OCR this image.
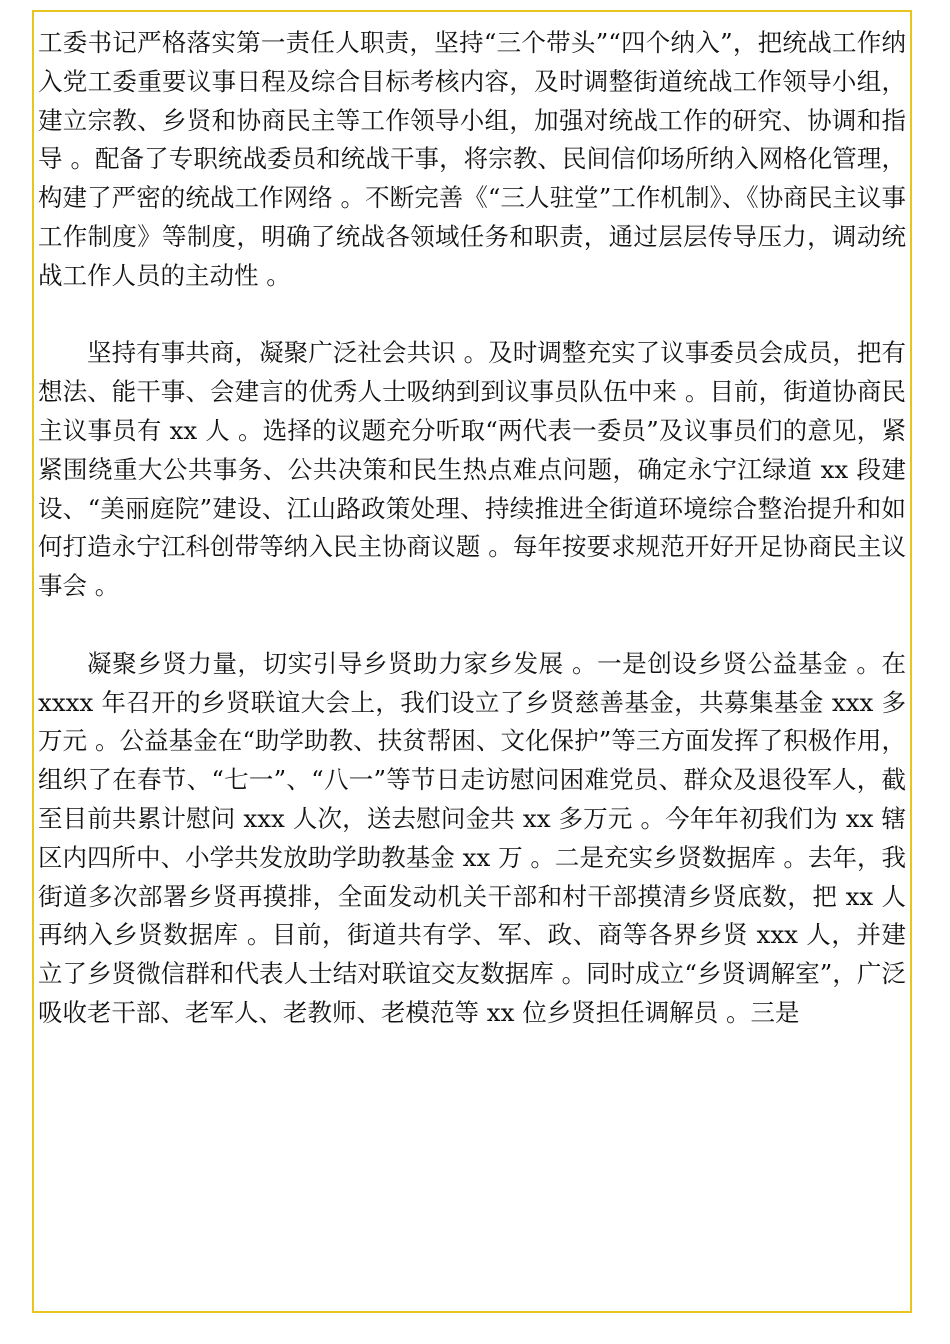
工委书记严格落实第一责任人职责，坚持“三个带头”“四个纳入”，把统战工作纳入党工委重要议事日程及综合目标考核内容，及时调整街道统战工作领导小组，建立宗教、乡贤和协商民主等工作领导小组，加强对统战工作的研究、协调和指导 。配备了专职统战委员和统战干事，将宗教、民间信仰场所纳入网格化管理，构建了严密的统战工作网络 。不断完善《“三人驻堂”工作机制》、《协商民主议事工作制度》等制度，明确了统战各领域任务和职责，通过层层传导压力，调动统战工作人员的主动性 。

坚持有事共商，凝聚广泛社会共识 。及时调整充实了议事委员会成员，把有想法、能干事、会建言的优秀人士吸纳到到议事员队伍中来 。目前，街道协商民主议事员有 xx 人 。选择的议题充分听取“两代表一委员”及议事员们的意见，紧紧围绕重大公共事务、公共决策和民生热点难点问题，确定永宁江绿道 xx 段建设、“美丽庭院”建设、江山路政策处理、持续推进全街道环境综合整治提升和如何打造永宁江科创带等纳入民主协商议题 。每年按要求规范开好开足协商民主议事会 。

凝聚乡贤力量，切实引导乡贤助力家乡发展 。一是创设乡贤公益基金 。在 xxxx 年召开的乡贤联谊大会上，我们设立了乡贤慈善基金，共募集基金 xxx 多万元 。公益基金在“助学助教、扶贫帮困、文化保护”等三方面发挥了积极作用，组织了在春节、“七一”、“八一”等节日走访慰问困难党员、群众及退役军人，截至目前共累计慰问 xxx 人次，送去慰问金共 xx 多万元 。今年年初我们为 xx 辖区内四所中、小学共发放助学助教基金 xx 万 。二是充实乡贤数据库 。去年，我街道多次部署乡贤再摸排，全面发动机关干部和村干部摸清乡贤底数，把 xx 人再纳入乡贤数据库 。目前，街道共有学、军、政、商等各界乡贤 xxx 人，并建立了乡贤微信群和代表人士结对联谊交友数据库 。同时成立“乡贤调解室”，广泛吸收老干部、老军人、老教师、老模范等 xx 位乡贤担任调解员 。三是
